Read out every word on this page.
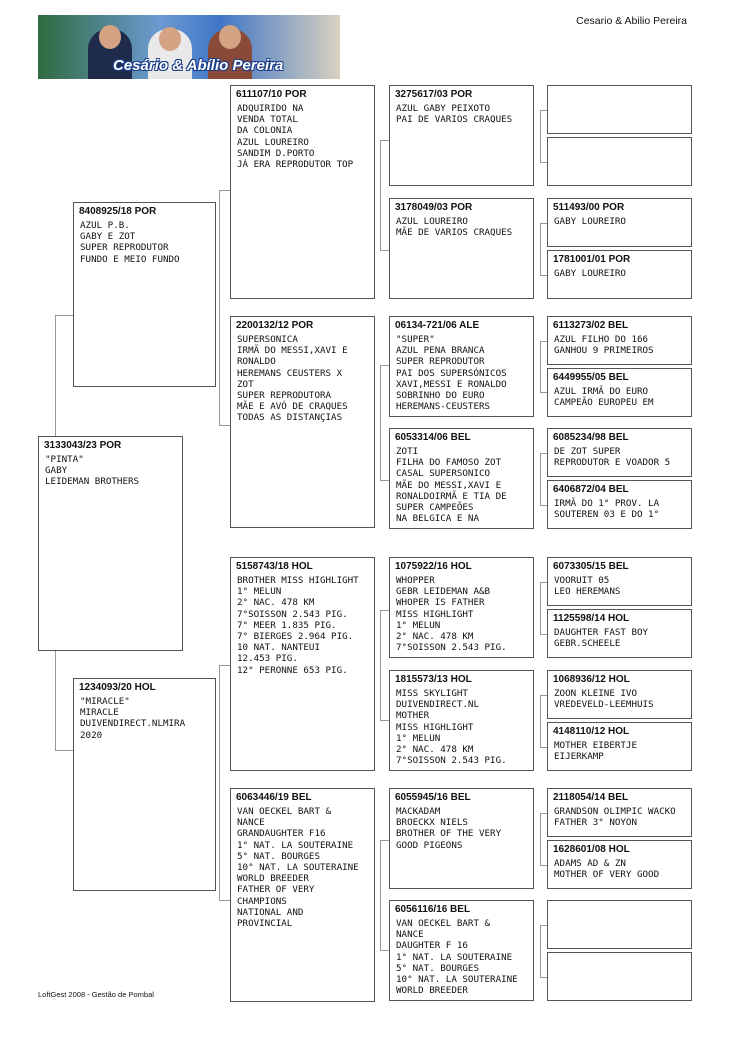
Cesario & Abilio Pereira
Cesário & Abílio Pereira
3133043/23 POR
"PINTA"
GABY
LEIDEMAN BROTHERS
8408925/18 POR
AZUL P.B.
GABY E ZOT
SUPER REPRODUTOR
FUNDO E MEIO FUNDO
1234093/20 HOL
"MIRACLE"
MIRACLE
DUIVENDIRECT.NLMIRA
2020
611107/10 POR
ADQUIRIDO NA
VENDA TOTAL
DA COLONIA
AZUL LOUREIRO
SANDIM D.PORTO
JÁ ERA REPRODUTOR TOP
2200132/12 POR
SUPERSONICA
IRMÃ DO MESSI,XAVI E
RONALDO
HEREMANS CEUSTERS X
ZOT
SUPER REPRODUTORA
MÃE E AVÓ DE CRAQUES
TODAS AS DISTANÇIAS
5158743/18 HOL
BROTHER MISS HIGHLIGHT
1° MELUN
2° NAC. 478 KM
7°SOISSON 2.543 PIG.
7° MEER 1.835 PIG.
7° BIERGES 2.964 PIG.
10 NAT. NANTEUI
12.453 PIG.
12° PERONNE 653 PIG.
6063446/19 BEL
VAN OECKEL BART &
NANCE
GRANDAUGHTER F16
1° NAT. LA SOUTERAINE
5° NAT. BOURGES
10° NAT. LA SOUTERAINE
WORLD BREEDER
FATHER OF VERY
CHAMPIONS
NATIONAL AND
PROVINCIAL
3275617/03 POR
AZUL GABY PEIXOTO
PAI DE VARIOS CRAQUES
3178049/03 POR
AZUL LOUREIRO
MÃE DE VARIOS CRAQUES
06134-721/06 ALE
"SUPER"
AZUL PENA BRANCA
SUPER REPRODUTOR
PAI DOS SUPERSÓNICOS
XAVI,MESSI E RONALDO
SOBRINHO DO EURO
HEREMANS-CEUSTERS
6053314/06 BEL
ZOTI
FILHA DO FAMOSO ZOT
CASAL SUPERSONICO
MÃE DO MESSI,XAVI E
RONALDOIRMÃ E TIA DE
SUPER CAMPEÕES
NA BELGICA E NA
1075922/16 HOL
WHOPPER
GEBR LEIDEMAN A&B
WHOPER IS FATHER
MISS HIGHLIGHT
1° MELUN
2° NAC. 478 KM
7°SOISSON 2.543 PIG.
1815573/13 HOL
MISS SKYLIGHT
DUIVENDIRECT.NL
MOTHER
MISS HIGHLIGHT
1° MELUN
2° NAC. 478 KM
7°SOISSON 2.543 PIG.
6055945/16 BEL
MACKADAM
BROECKX NIELS
BROTHER OF THE VERY
GOOD PIGEONS
6056116/16 BEL
VAN OECKEL BART &
NANCE
DAUGHTER F 16
1° NAT. LA SOUTERAINE
5° NAT. BOURGES
10° NAT. LA SOUTERAINE
WORLD BREEDER
511493/00 POR
GABY LOUREIRO
1781001/01 POR
GABY LOUREIRO
6113273/02 BEL
AZUL FILHO DO 166
GANHOU 9 PRIMEIROS
6449955/05 BEL
AZUL IRMÃ DO EURO
CAMPEÃO EUROPEU EM
6085234/98 BEL
DE ZOT SUPER
REPRODUTOR E VOADOR 5
6406872/04 BEL
IRMÃ DO 1° PROV. LA
SOUTEREN 03 E DO 1°
6073305/15 BEL
VOORUIT 05
LEO HEREMANS
1125598/14 HOL
DAUGHTER FAST BOY
GEBR.SCHEELE
1068936/12 HOL
ZOON KLEINE IVO
VREDEVELD-LEEMHUIS
4148110/12 HOL
MOTHER EIBERTJE
EIJERKAMP
2118054/14 BEL
GRANDSON OLIMPIC WACKO
FATHER 3° NOYON
1628601/08 HOL
ADAMS AD & ZN
MOTHER OF VERY GOOD
LoftGest 2008 - Gestão de Pombal
